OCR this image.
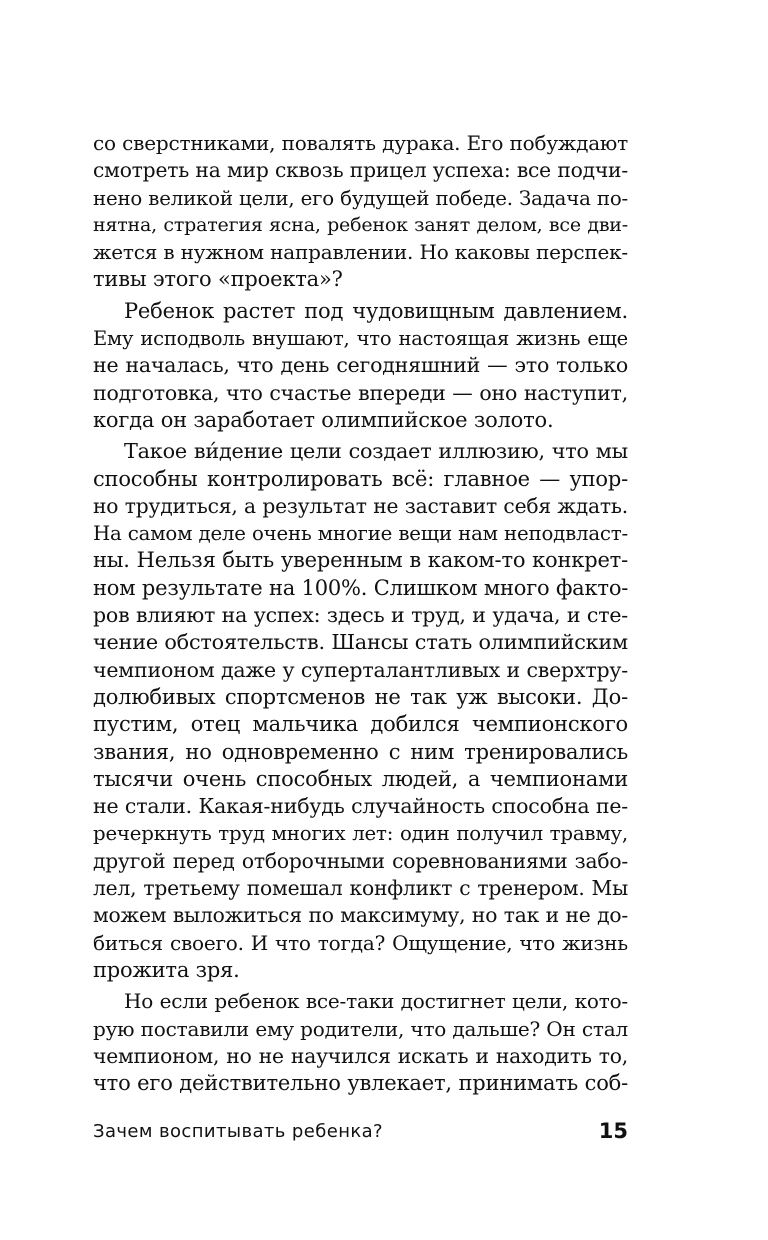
со сверстниками, повалять дурака. Его побуждают
смотреть на мир сквозь прицел успеха: все подчи-
нено великой цели, его будущей победе. Задача по-
нятна, стратегия ясна, ребенок занят делом, все дви-
жется в нужном направлении. Но каковы перспек-
тивы этого «проекта»?
Ребенок растет под чудовищным давлением.
Ему исподволь внушают, что настоящая жизнь еще
не началась, что день сегодняшний — это только
подготовка, что счастье впереди — оно наступит,
когда он заработает олимпийское золото.
Такое ви́дение цели создает иллюзию, что мы
способны контролировать всё: главное — упор-
но трудиться, а результат не заставит себя ждать.
На самом деле очень многие вещи нам неподвласт-
ны. Нельзя быть уверенным в каком-то конкрет-
ном результате на 100%. Слишком много факто-
ров влияют на успех: здесь и труд, и удача, и сте-
чение обстоятельств. Шансы стать олимпийским
чемпионом даже у суперталантливых и сверхтру-
долюбивых спортсменов не так уж высоки. До-
пустим, отец мальчика добился чемпионского
звания, но одновременно с ним тренировались
тысячи очень способных людей, а чемпионами
не стали. Какая-нибудь случайность способна пе-
речеркнуть труд многих лет: один получил травму,
другой перед отборочными соревнованиями забо-
лел, третьему помешал конфликт с тренером. Мы
можем выложиться по максимуму, но так и не до-
биться своего. И что тогда? Ощущение, что жизнь
прожита зря.
Но если ребенок все-таки достигнет цели, кото-
рую поставили ему родители, что дальше? Он стал
чемпионом, но не научился искать и находить то,
что его действительно увлекает, принимать соб-
Зачем воспитывать ребенка?	15
